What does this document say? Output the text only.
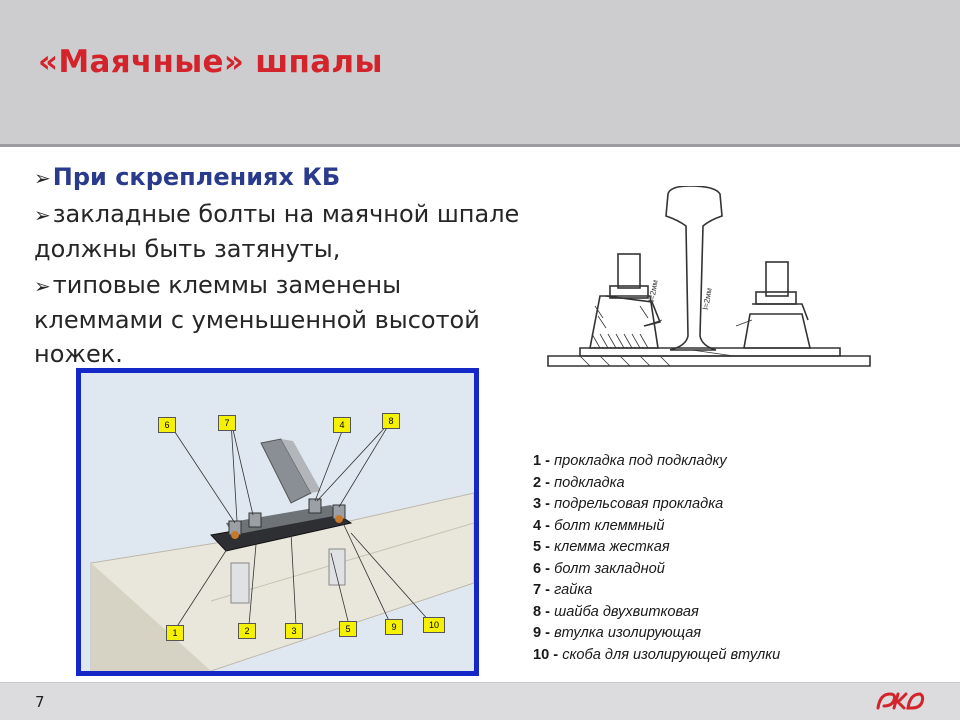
«Маячные» шпалы
➢При скреплениях КБ
➢закладные болты на маячной шпале должны быть затянуты,
➢типовые клеммы заменены клеммами с уменьшенной высотой ножек.
l=2мм	l=2мм
6	7	4	8
1	2	3	5	9	10
1 - прокладка под подкладку
2 - подкладка
3 - подрельсовая прокладка
4 - болт клеммный
5 - клемма жесткая
6 - болт закладной
7 - гайка
8 - шайба двухвитковая
9 - втулка изолирующая
10 - скоба для изолирующей втулки
7
